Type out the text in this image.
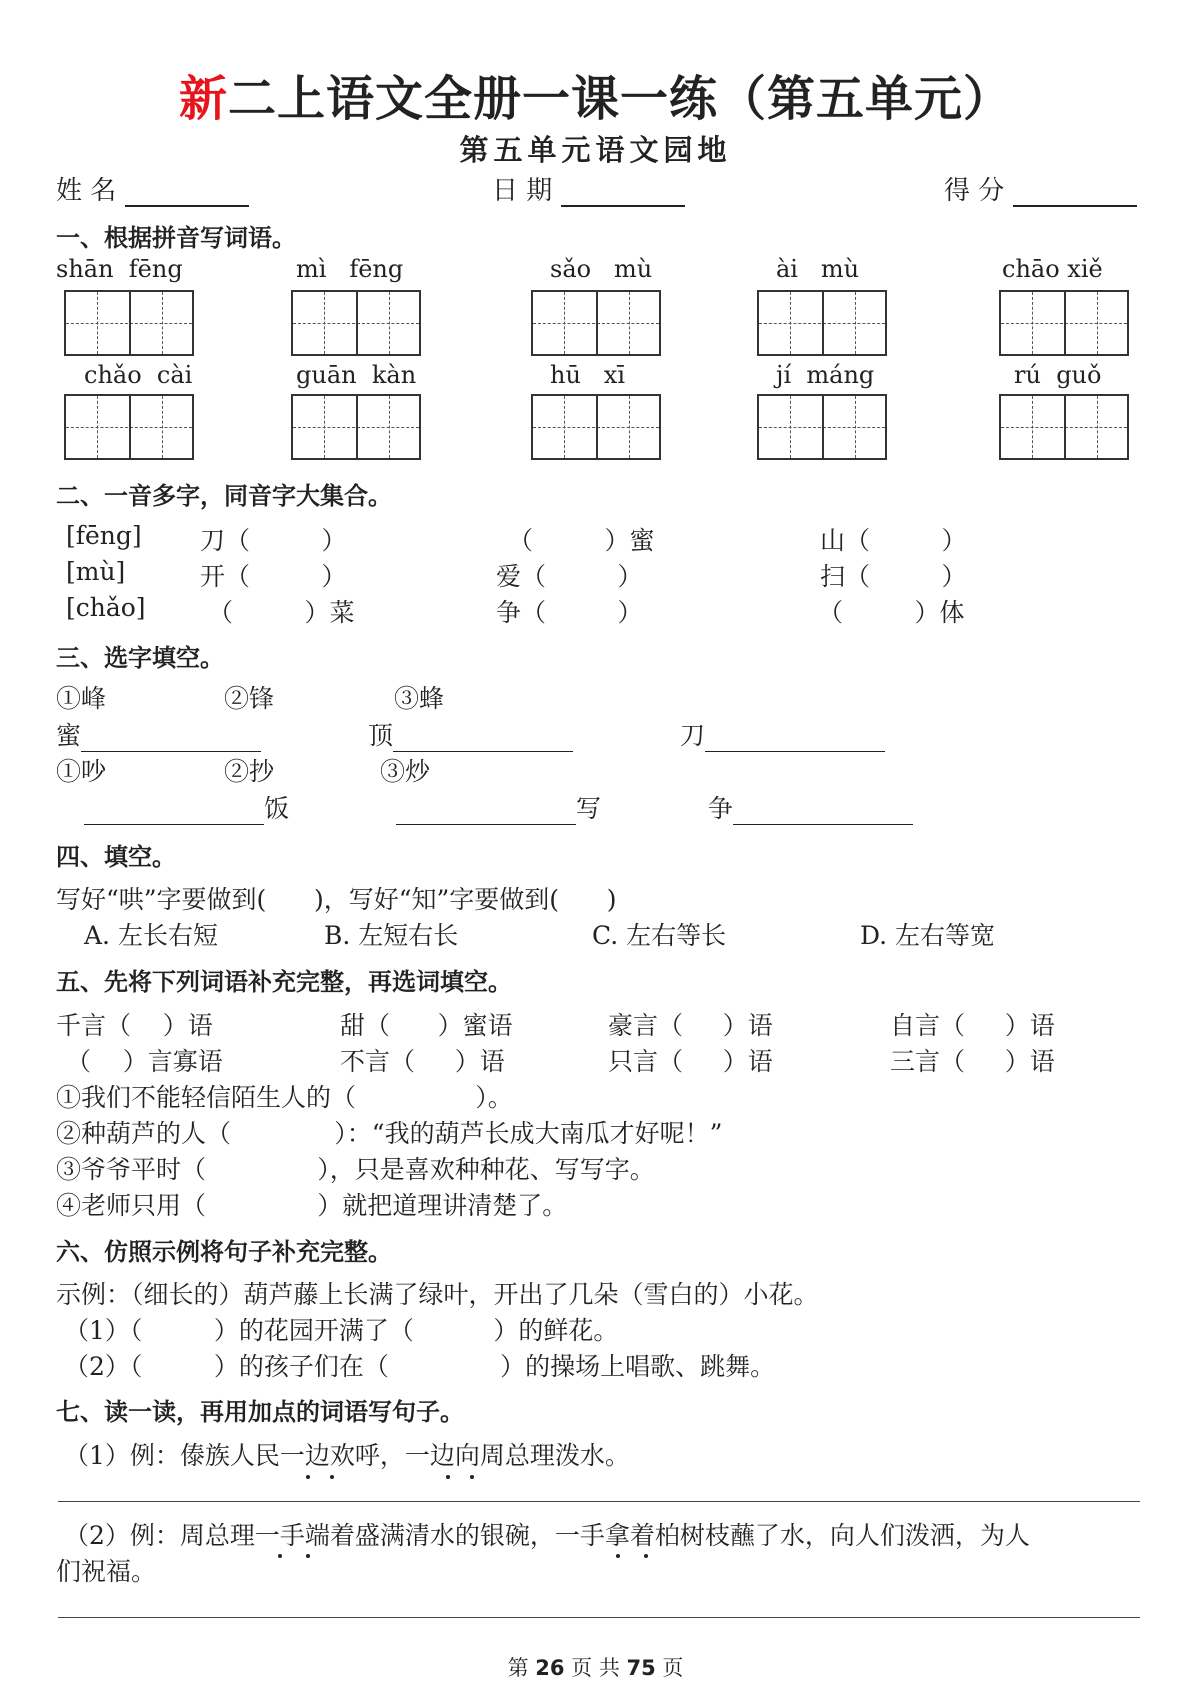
新二上语文全册一课一练（第五单元）
第五单元语文园地
姓 名	日 期	得 分
一、根据拼音写词语。
shān  fēng	mì   fēng	sǎo   mù	ài   mù	chāo xiě
chǎo  cài	guān  kàn	hū   xī	jí  máng	rú  guǒ
二、一音多字，同音字大集合。
[fēng] 刀（         ）	（         ）蜜	山（         ）
[mù]	开（         ）	爱（         ）	扫（         ）
[chǎo] （         ）菜	争（         ）	（         ）体
三、选字填空。
①峰	②锋	③蜂
蜜	顶	刀
①吵	②抄	③炒
饭	写	争
四、填空。
写好“哄”字要做到(      )，写好“知”字要做到(      )
A. 左长右短	B. 左短右长	C. 左右等长	D. 左右等宽
五、先将下列词语补充完整，再选词填空。
千言（    ）语	甜（      ）蜜语	豪言（     ）语	自言（     ）语
（    ）言寡语	不言（     ）语	只言（     ）语	三言（     ）语
①我们不能轻信陌生人的（               ）。
②种葫芦的人（             ）：“我的葫芦长成大南瓜才好呢！”
③爷爷平时（              ），只是喜欢种种花、写写字。
④老师只用（              ）就把道理讲清楚了。
六、仿照示例将句子补充完整。
示例：（细长的）葫芦藤上长满了绿叶，开出了几朵（雪白的）小花。
（1）（         ）的花园开满了（          ）的鲜花。
（2）（         ）的孩子们在（              ）的操场上唱歌、跳舞。
七、读一读，再用加点的词语写句子。
（1）例：傣族人民一边欢呼，一边向周总理泼水。
（2）例：周总理一手端着盛满清水的银碗，一手拿着柏树枝蘸了水，向人们泼洒，为人
们祝福。
第 26 页 共 75 页
